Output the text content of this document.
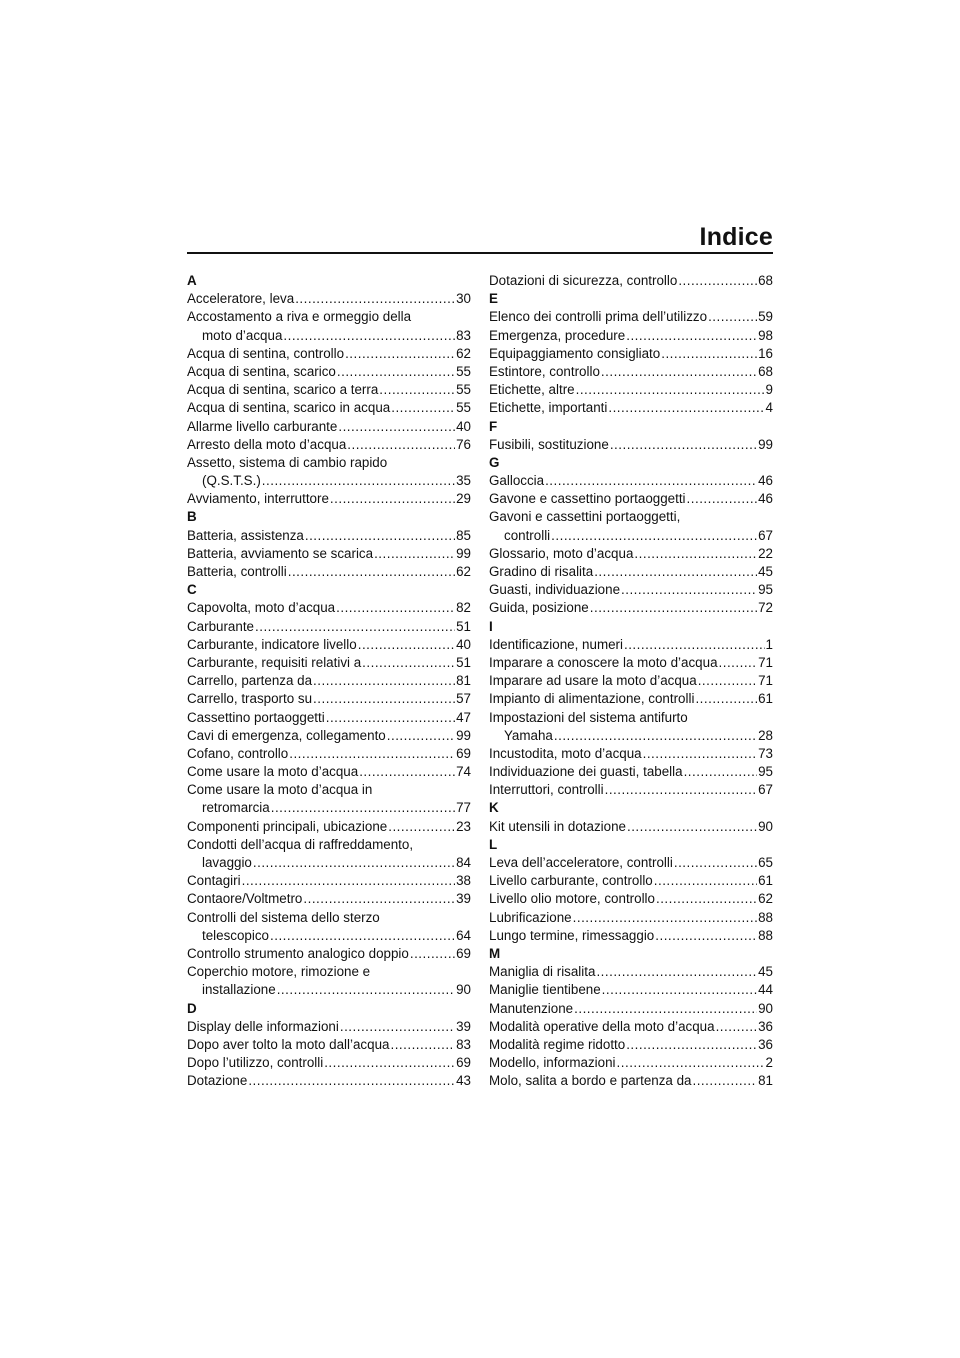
Indice
A
Acceleratore, leva .....	30
Accostamento a riva e ormeggio della
moto d’acqua .....	83
Acqua di sentina, controllo .....	62
Acqua di sentina, scarico .....	55
Acqua di sentina, scarico a terra .....	55
Acqua di sentina, scarico in acqua .....	55
Allarme livello carburante .....	40
Arresto della moto d’acqua .....	76
Assetto, sistema di cambio rapido
(Q.S.T.S.) .....	35
Avviamento, interruttore .....	29
B
Batteria, assistenza .....	85
Batteria, avviamento se scarica .....	99
Batteria, controlli .....	62
C
Capovolta, moto d’acqua .....	82
Carburante .....	51
Carburante, indicatore livello .....	40
Carburante, requisiti relativi a .....	51
Carrello, partenza da .....	81
Carrello, trasporto su .....	57
Cassettino portaoggetti .....	47
Cavi di emergenza, collegamento .....	99
Cofano, controllo .....	69
Come usare la moto d’acqua .....	74
Come usare la moto d’acqua in
retromarcia .....	77
Componenti principali, ubicazione .....	23
Condotti dell’acqua di raffreddamento,
lavaggio .....	84
Contagiri .....	38
Contaore/Voltmetro .....	39
Controlli del sistema dello sterzo
telescopico .....	64
Controllo strumento analogico doppio .....	69
Coperchio motore, rimozione e
installazione .....	90
D
Display delle informazioni .....	39
Dopo aver tolto la moto dall’acqua .....	83
Dopo l’utilizzo, controlli .....	69
Dotazione .....	43
Dotazioni di sicurezza, controllo .....	68
E
Elenco dei controlli prima dell’utilizzo .....	59
Emergenza, procedure .....	98
Equipaggiamento consigliato .....	16
Estintore, controllo .....	68
Etichette, altre .....	9
Etichette, importanti .....	4
F
Fusibili, sostituzione .....	99
G
Galloccia .....	46
Gavone e cassettino portaoggetti .....	46
Gavoni e cassettini portaoggetti,
controlli .....	67
Glossario, moto d’acqua .....	22
Gradino di risalita .....	45
Guasti, individuazione .....	95
Guida, posizione .....	72
I
Identificazione, numeri .....	1
Imparare a conoscere la moto d’acqua .....	71
Imparare ad usare la moto d’acqua .....	71
Impianto di alimentazione, controlli .....	61
Impostazioni del sistema antifurto
Yamaha .....	28
Incustodita, moto d’acqua .....	73
Individuazione dei guasti, tabella .....	95
Interruttori, controlli .....	67
K
Kit utensili in dotazione .....	90
L
Leva dell’acceleratore, controlli .....	65
Livello carburante, controllo .....	61
Livello olio motore, controllo .....	62
Lubrificazione .....	88
Lungo termine, rimessaggio .....	88
M
Maniglia di risalita .....	45
Maniglie tientibene .....	44
Manutenzione .....	90
Modalità operative della moto d’acqua .....	36
Modalità regime ridotto .....	36
Modello, informazioni .....	2
Molo, salita a bordo e partenza da .....	81
